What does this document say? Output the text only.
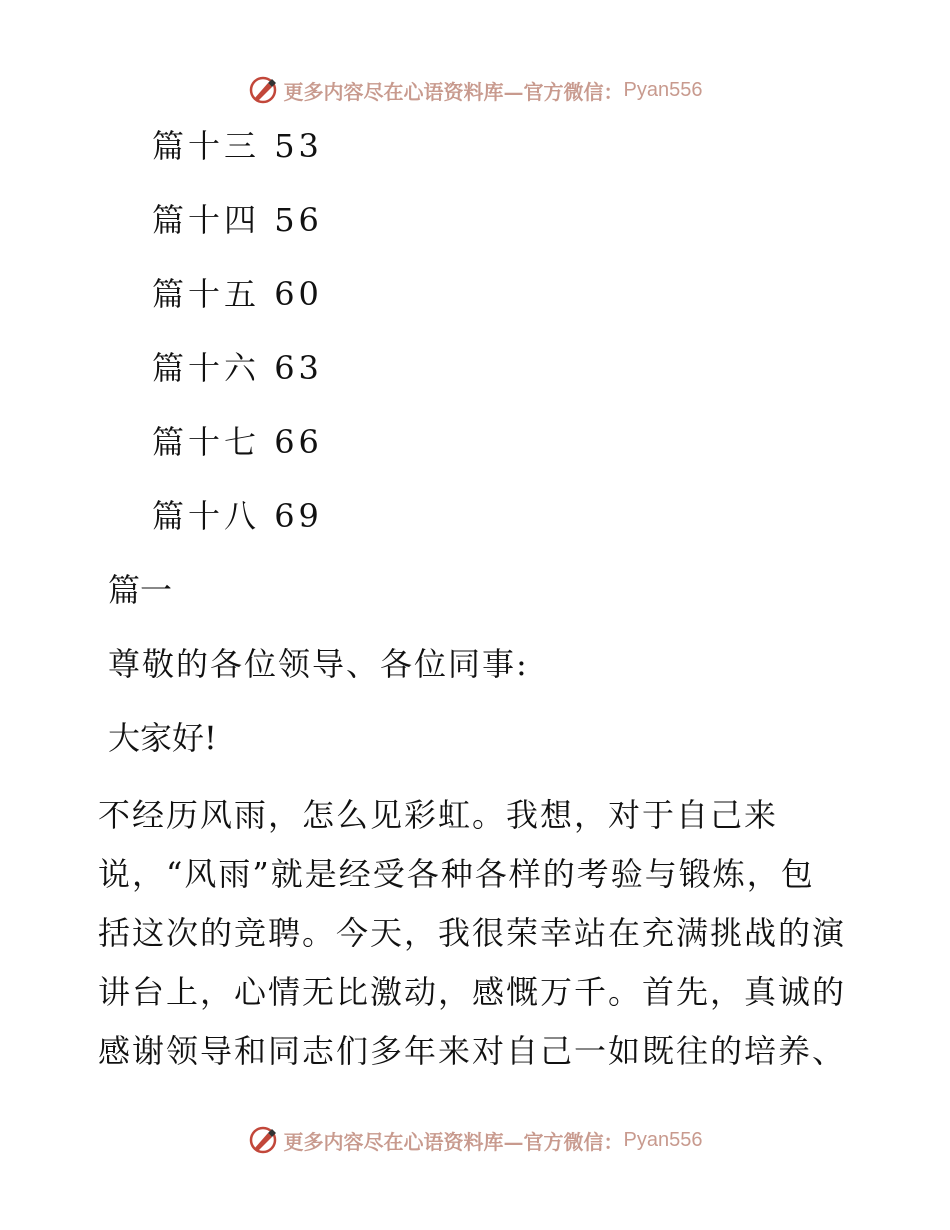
更多内容尽在心语资料库—官方微信： Pyan556
篇十三 53
篇十四 56
篇十五 60
篇十六 63
篇十七 66
篇十八 69
篇一
尊敬的各位领导、各位同事:
大家好!
不经历风雨，怎么见彩虹。我想，对于自己来
说，“风雨”就是经受各种各样的考验与锻炼，包
括这次的竞聘。今天，我很荣幸站在充满挑战的演
讲台上，心情无比激动，感慨万千。首先，真诚的
感谢领导和同志们多年来对自己一如既往的培养、
更多内容尽在心语资料库—官方微信： Pyan556
